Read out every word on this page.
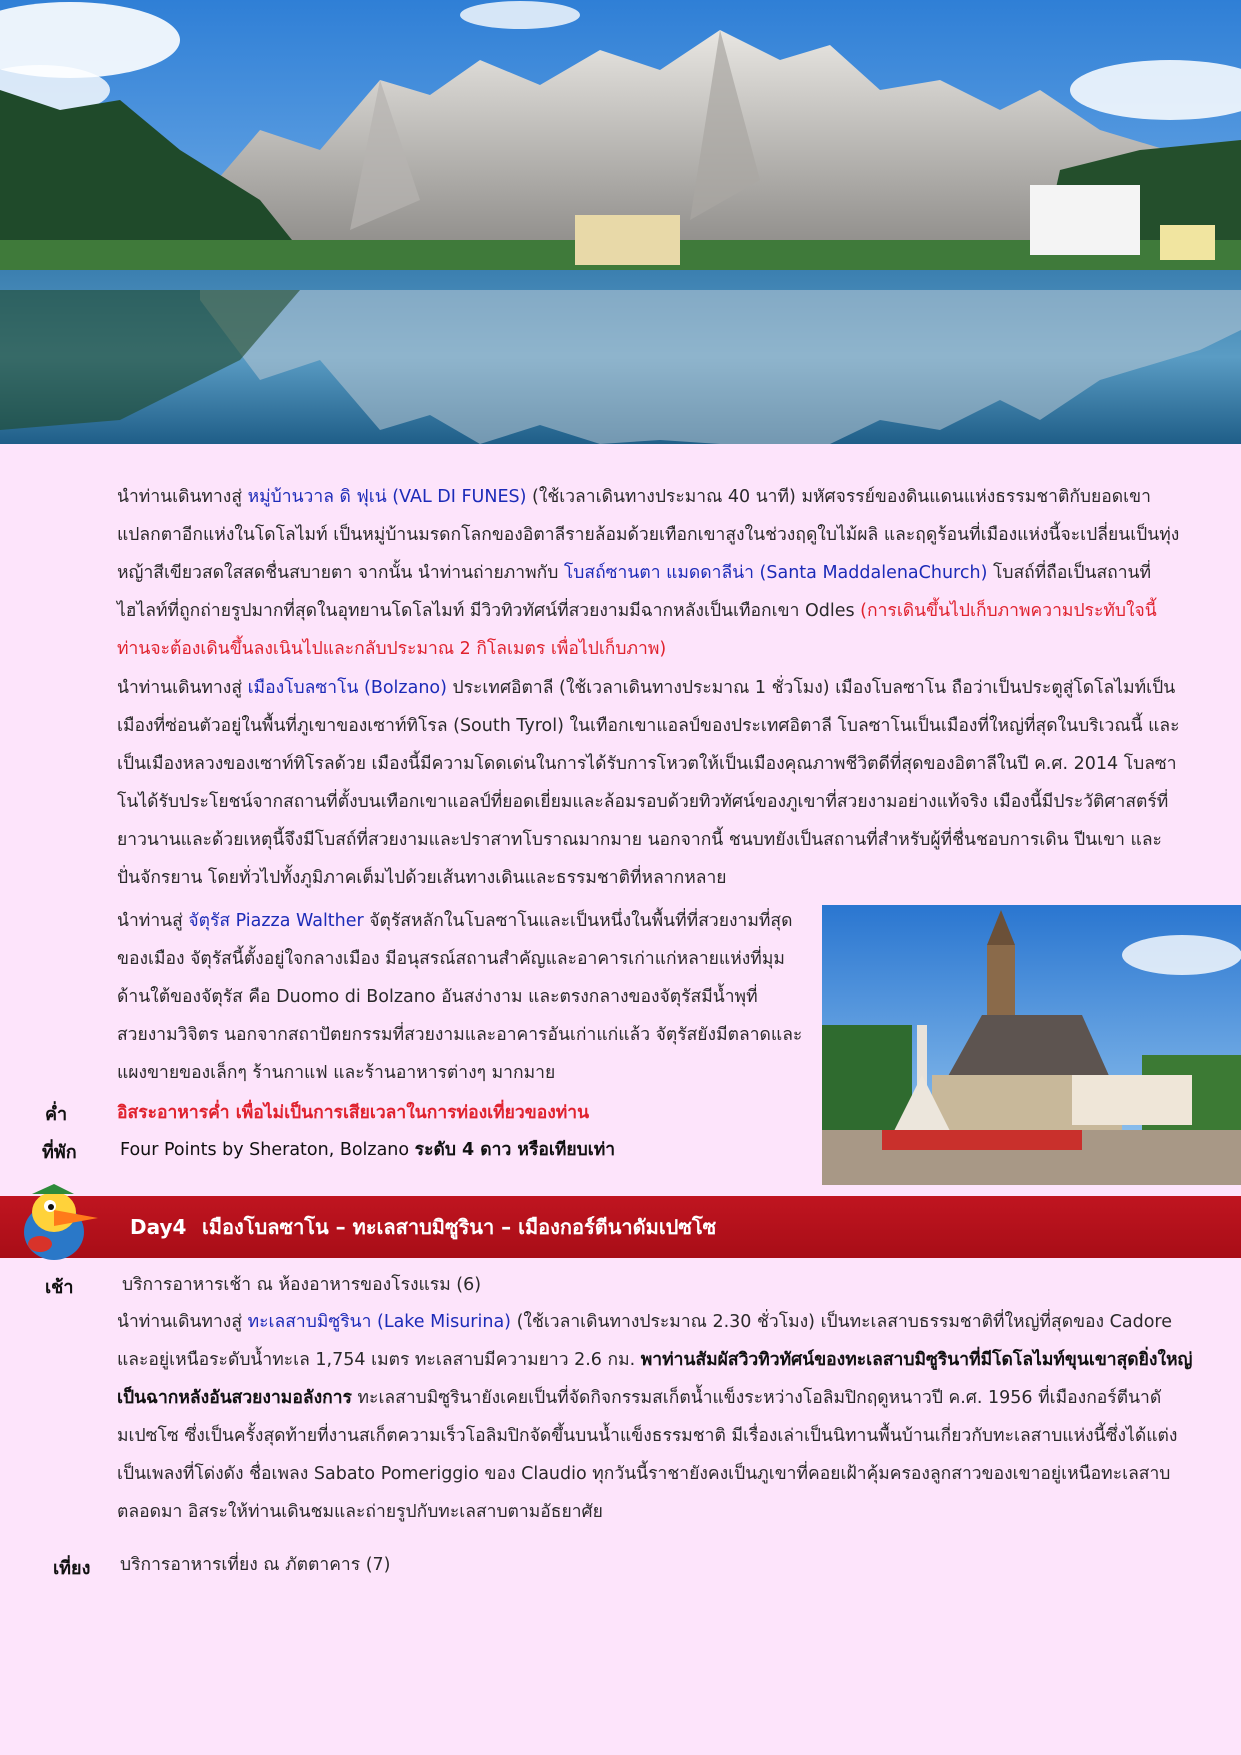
นำท่านเดินทางสู่ หมู่บ้านวาล ดิ ฟุเน่ (VAL DI FUNES) (ใช้เวลาเดินทางประมาณ 40 นาที) มหัศจรรย์ของดินแดนแห่งธรรมชาติกับยอดเขาแปลกตาอีกแห่งในโดโลไมท์ เป็นหมู่บ้านมรดกโลกของอิตาลีรายล้อมด้วยเทือกเขาสูงในช่วงฤดูใบไม้ผลิ และฤดูร้อนที่เมืองแห่งนี้จะเปลี่ยนเป็นทุ่งหญ้าสีเขียวสดใสสดชื่นสบายตา จากนั้น นำท่านถ่ายภาพกับ โบสถ์ซานตา แมดดาลีน่า (Santa MaddalenaChurch) โบสถ์ที่ถือเป็นสถานที่ไฮไลท์ที่ถูกถ่ายรูปมากที่สุดในอุทยานโดโลไมท์ มีวิวทิวทัศน์ที่สวยงามมีฉากหลังเป็นเทือกเขา Odles (การเดินขึ้นไปเก็บภาพความประทับใจนี้ ท่านจะต้องเดินขึ้นลงเนินไปและกลับประมาณ 2 กิโลเมตร เพื่อไปเก็บภาพ)
นำท่านเดินทางสู่ เมืองโบลซาโน (Bolzano) ประเทศอิตาลี (ใช้เวลาเดินทางประมาณ 1 ชั่วโมง) เมืองโบลซาโน ถือว่าเป็นประตูสู่โดโลไมท์เป็นเมืองที่ซ่อนตัวอยู่ในพื้นที่ภูเขาของเซาท์ทิโรล (South Tyrol) ในเทือกเขาแอลป์ของประเทศอิตาลี โบลซาโนเป็นเมืองที่ใหญ่ที่สุดในบริเวณนี้ และเป็นเมืองหลวงของเซาท์ทิโรลด้วย เมืองนี้มีความโดดเด่นในการได้รับการโหวตให้เป็นเมืองคุณภาพชีวิตดีที่สุดของอิตาลีในปี ค.ศ. 2014 โบลซาโนได้รับประโยชน์จากสถานที่ตั้งบนเทือกเขาแอลป์ที่ยอดเยี่ยมและล้อมรอบด้วยทิวทัศน์ของภูเขาที่สวยงามอย่างแท้จริง เมืองนี้มีประวัติศาสตร์ที่ยาวนานและด้วยเหตุนี้จึงมีโบสถ์ที่สวยงามและปราสาทโบราณมากมาย นอกจากนี้ ชนบทยังเป็นสถานที่สำหรับผู้ที่ชื่นชอบการเดิน ปีนเขา และปั่นจักรยาน โดยทั่วไปทั้งภูมิภาคเต็มไปด้วยเส้นทางเดินและธรรมชาติที่หลากหลาย
นำท่านสู่ จัตุรัส Piazza Walther จัตุรัสหลักในโบลซาโนและเป็นหนึ่งในพื้นที่ที่สวยงามที่สุดของเมือง จัตุรัสนี้ตั้งอยู่ใจกลางเมือง มีอนุสรณ์สถานสำคัญและอาคารเก่าแก่หลายแห่งที่มุมด้านใต้ของจัตุรัส คือ Duomo di Bolzano อันสง่างาม และตรงกลางของจัตุรัสมีน้ำพุที่สวยงามวิจิตร นอกจากสถาปัตยกรรมที่สวยงามและอาคารอันเก่าแก่แล้ว จัตุรัสยังมีตลาดและแผงขายของเล็กๆ ร้านกาแฟ และร้านอาหารต่างๆ มากมาย
ค่ำ	อิสระอาหารค่ำ เพื่อไม่เป็นการเสียเวลาในการท่องเที่ยวของท่าน
ที่พัก Four Points by Sheraton, Bolzano ระดับ 4 ดาว หรือเทียบเท่า
Day4 เมืองโบลซาโน – ทะเลสาบมิซูรินา – เมืองกอร์ตีนาดัมเปซโซ
เช้า	บริการอาหารเช้า ณ ห้องอาหารของโรงแรม (6)
นำท่านเดินทางสู่ ทะเลสาบมิซูรินา (Lake Misurina) (ใช้เวลาเดินทางประมาณ 2.30 ชั่วโมง) เป็นทะเลสาบธรรมชาติที่ใหญ่ที่สุดของ Cadore และอยู่เหนือระดับน้ำทะเล 1,754 เมตร ทะเลสาบมีความยาว 2.6 กม. พาท่านสัมผัสวิวทิวทัศน์ของทะเลสาบมิซูรินาที่มีโดโลไมท์ขุนเขาสุดยิ่งใหญ่เป็นฉากหลังอันสวยงามอลังการ ทะเลสาบมิซูรินายังเคยเป็นที่จัดกิจกรรมสเก็ตน้ำแข็งระหว่างโอลิมปิกฤดูหนาวปี ค.ศ. 1956 ที่เมืองกอร์ตีนาดัมเปซโซ ซึ่งเป็นครั้งสุดท้ายที่งานสเก็ตความเร็วโอลิมปิกจัดขึ้นบนน้ำแข็งธรรมชาติ มีเรื่องเล่าเป็นนิทานพื้นบ้านเกี่ยวกับทะเลสาบแห่งนี้ซึ่งได้แต่งเป็นเพลงที่โด่งดัง ชื่อเพลง Sabato Pomeriggio ของ Claudio ทุกวันนี้ราชายังคงเป็นภูเขาที่คอยเฝ้าคุ้มครองลูกสาวของเขาอยู่เหนือทะเลสาบตลอดมา อิสระให้ท่านเดินชมและถ่ายรูปกับทะเลสาบตามอัธยาศัย
เที่ยง บริการอาหารเที่ยง ณ ภัตตาคาร (7)
